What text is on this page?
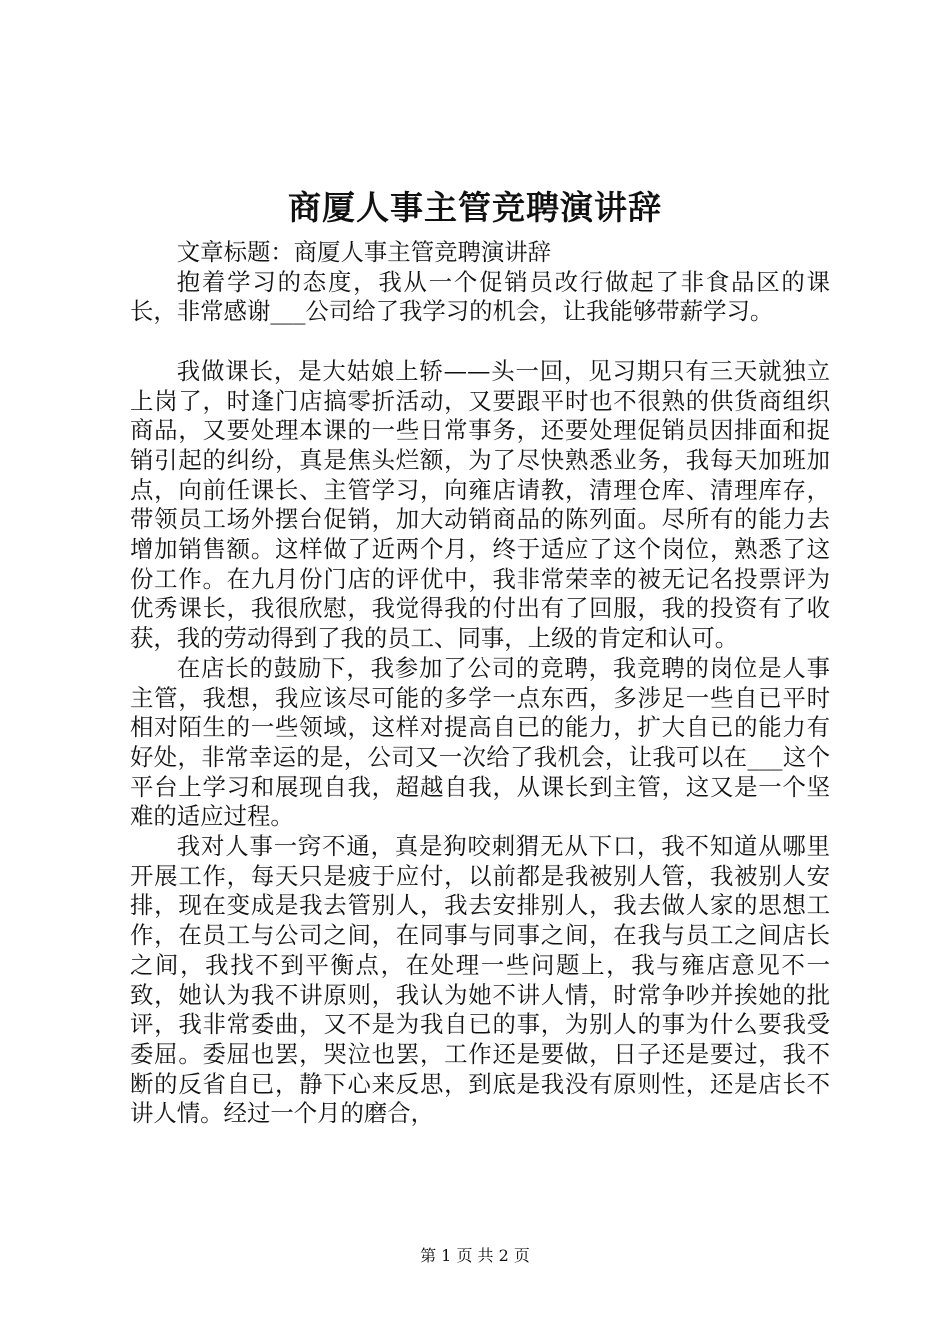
商厦人事主管竞聘演讲辞

文章标题：商厦人事主管竞聘演讲辞

抱着学习的态度，我从一个促销员改行做起了非食品区的课长，非常感谢___公司给了我学习的机会，让我能够带薪学习。

我做课长，是大姑娘上轿——头一回，见习期只有三天就独立上岗了，时逢门店搞零折活动，又要跟平时也不很熟的供货商组织商品，又要处理本课的一些日常事务，还要处理促销员因排面和捉销引起的纠纷，真是焦头烂额，为了尽快熟悉业务，我每天加班加点，向前任课长、主管学习，向雍店请教，清理仓库、清理库存，带领员工场外摆台促销，加大动销商品的陈列面。尽所有的能力去增加销售额。这样做了近两个月，终于适应了这个岗位，熟悉了这份工作。在九月份门店的评优中，我非常荣幸的被无记名投票评为优秀课长，我很欣慰，我觉得我的付出有了回服，我的投资有了收获，我的劳动得到了我的员工、同事，上级的肯定和认可。

在店长的鼓励下，我参加了公司的竞聘，我竞聘的岗位是人事主管，我想，我应该尽可能的多学一点东西，多涉足一些自已平时相对陌生的一些领域，这样对提高自已的能力，扩大自已的能力有好处，非常幸运的是，公司又一次给了我机会，让我可以在___这个平台上学习和展现自我，超越自我，从课长到主管，这又是一个坚难的适应过程。

我对人事一窍不通，真是狗咬刺猬无从下口，我不知道从哪里开展工作，每天只是疲于应付，以前都是我被别人管，我被别人安排，现在变成是我去管别人，我去安排别人，我去做人家的思想工作，在员工与公司之间，在同事与同事之间，在我与员工之间店长之间，我找不到平衡点，在处理一些问题上，我与雍店意见不一致，她认为我不讲原则，我认为她不讲人情，时常争吵并挨她的批评，我非常委曲，又不是为我自已的事，为别人的事为什么要我受委屈。委屈也罢，哭泣也罢，工作还是要做，日子还是要过，我不断的反省自已，静下心来反思，到底是我没有原则性，还是店长不讲人情。经过一个月的磨合，

第 1 页 共 2 页
